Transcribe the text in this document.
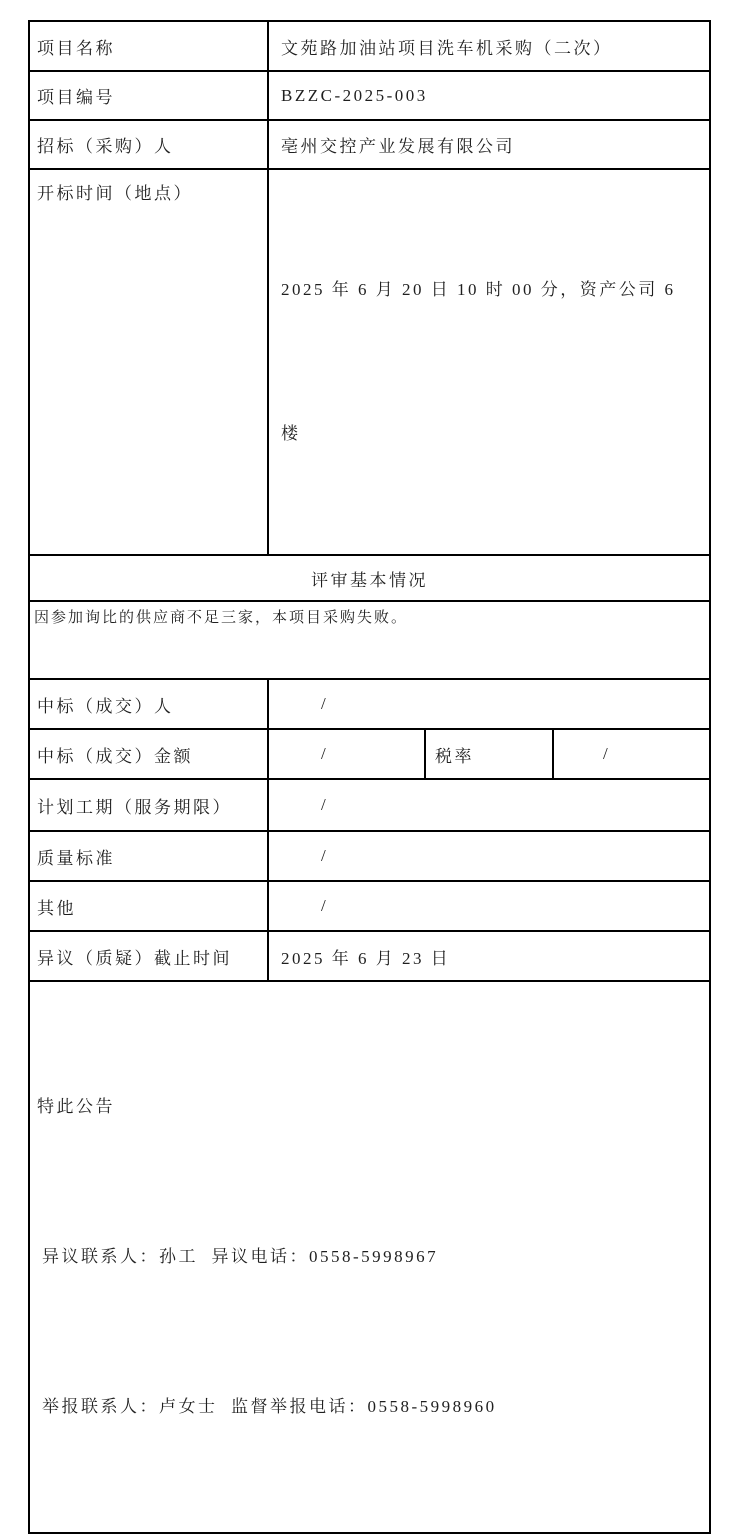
项目名称	文苑路加油站项目洗车机采购（二次）		
项目编号	BZZC-2025-003		
招标（采购）人	亳州交控产业发展有限公司		
开标时间（地点）	2025 年 6 月 20 日 10 时 00 分，资产公司 6

楼		

评审基本情况			
因参加询比的供应商不足三家，本项目采购失败。			
中标（成交）人	/		
中标（成交）金额	/	税率	/
计划工期（服务期限）	/		
质量标准	/		
其他	/		
异议（质疑）截止时间	2025 年 6 月 23 日		

特此公告

异议联系人：孙工  异议电话：0558-5998967

举报联系人：卢女士  监督举报电话：0558-5998960			
